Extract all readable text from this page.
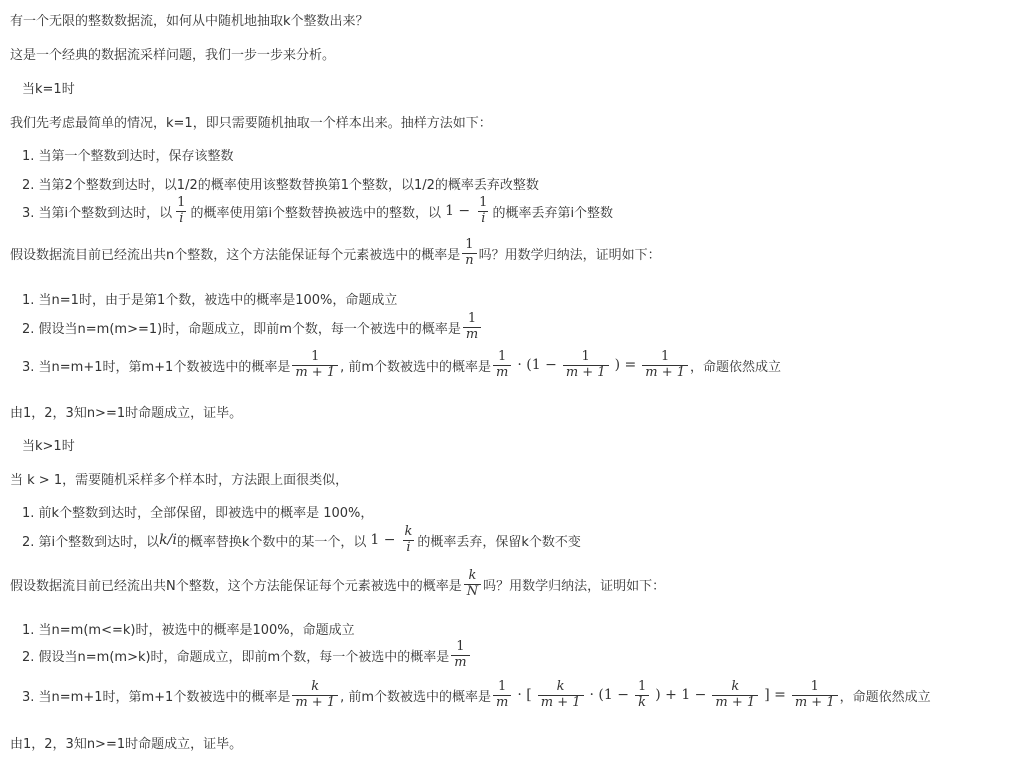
有一个无限的整数数据流，如何从中随机地抽取k个整数出来？
这是一个经典的数据流采样问题，我们一步一步来分析。
当k=1时
我们先考虑最简单的情况，k=1，即只需要随机抽取一个样本出来。抽样方法如下：
1. 当第一个整数到达时，保存该整数
2. 当第2个整数到达时，以1/2的概率使用该整数替换第1个整数，以1/2的概率丢弃改整数
3. 当第i个整数到达时，以 $\frac{1}{i}$ 的概率使用第i个整数替换被选中的整数，以 $1 - \frac{1}{i}$ 的概率丢弃第i个整数
假设数据流目前已经流出共n个整数，这个方法能保证每个元素被选中的概率是 $\frac{1}{n}$ 吗？用数学归纳法，证明如下：
1. 当n=1时，由于是第1个数，被选中的概率是100%，命题成立
2. 假设当n=m(m>=1)时，命题成立，即前m个数，每一个被选中的概率是 $\frac{1}{m}$
3. 当n=m+1时，第m+1个数被选中的概率是 $\frac{1}{m + 1}$ , 前m个数被选中的概率是 $\frac{1}{m} \cdot (1 - \frac{1}{m + 1}$ ) = $\frac{1}{m + 1}$ ，命题依然成立
由1，2，3知n>=1时命题成立，证毕。
当k>1时
当 k > 1，需要随机采样多个样本时，方法跟上面很类似，
1. 前k个整数到达时，全部保留，即被选中的概率是 100%，
2. 第i个整数到达时，以 k/i 的概率替换k个数中的某一个，以 $1 - \frac{k}{i}$ 的概率丢弃，保留k个数不变
假设数据流目前已经流出共N个整数，这个方法能保证每个元素被选中的概率是 $\frac{k}{N}$ 吗？用数学归纳法，证明如下：
1. 当n=m(m<=k)时，被选中的概率是100%，命题成立
2. 假设当n=m(m>k)时，命题成立，即前m个数，每一个被选中的概率是 $\frac{1}{m}$
3. 当n=m+1时，第m+1个数被选中的概率是 $\frac{k}{m + 1}$ , 前m个数被选中的概率是 $\frac{1}{m}$ · [ $\frac{k}{m + 1} \cdot (1 - \frac{1}{k}$ ) + $1 - \frac{k}{m + 1}$ ] = $\frac{1}{m + 1}$ ，命题依然成立
由1，2，3知n>=1时命题成立，证毕。
